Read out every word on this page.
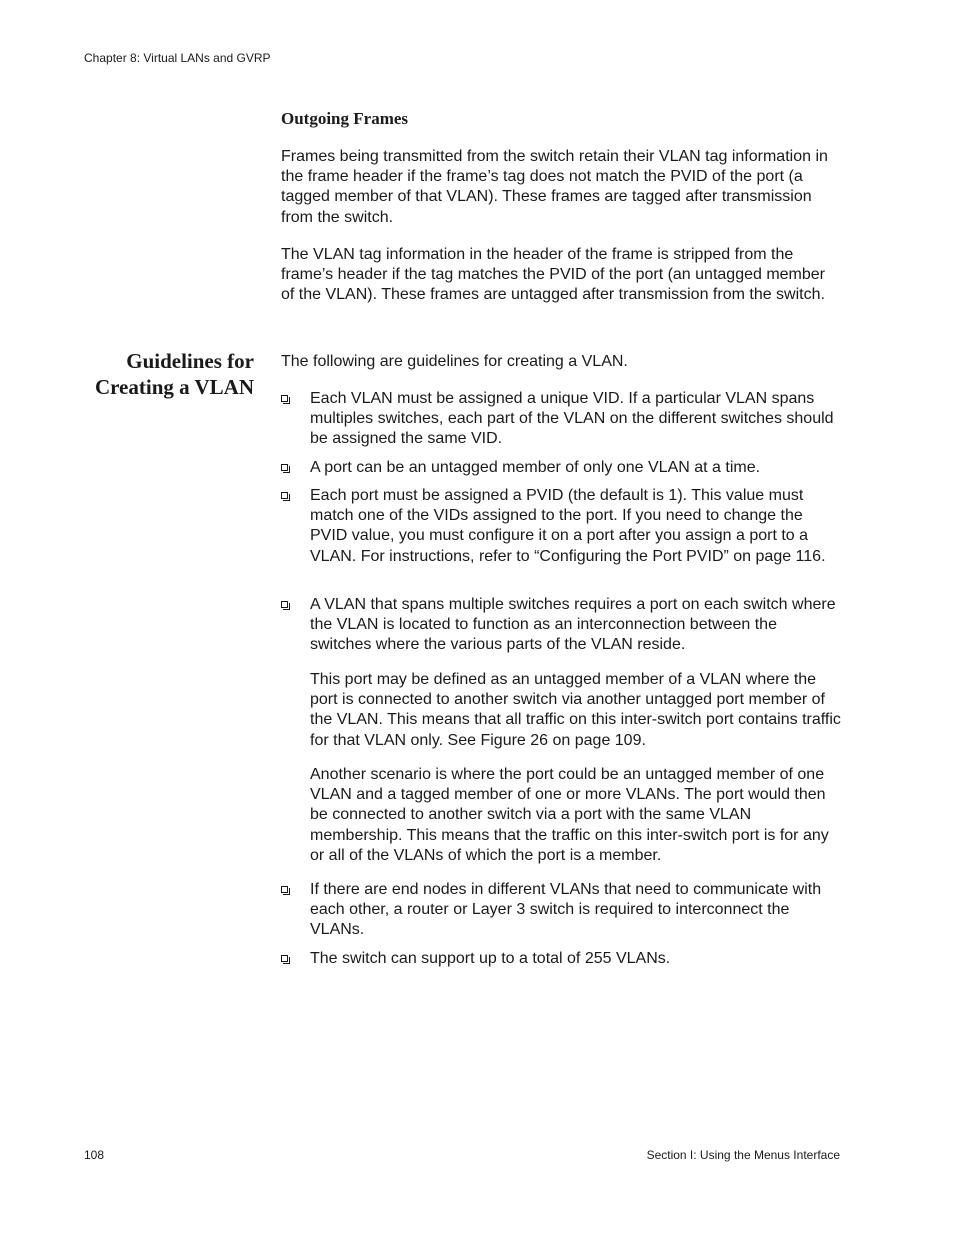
Chapter 8: Virtual LANs and GVRP
Outgoing Frames

Frames being transmitted from the switch retain their VLAN tag information in the frame header if the frame’s tag does not match the PVID of the port (a tagged member of that VLAN). These frames are tagged after transmission from the switch.

The VLAN tag information in the header of the frame is stripped from the frame’s header if the tag matches the PVID of the port (an untagged member of the VLAN). These frames are untagged after transmission from the switch.

Guidelines for
Creating a VLAN

The following are guidelines for creating a VLAN.

Each VLAN must be assigned a unique VID. If a particular VLAN spans multiples switches, each part of the VLAN on the different switches should be assigned the same VID.
A port can be an untagged member of only one VLAN at a time.
Each port must be assigned a PVID (the default is 1). This value must match one of the VIDs assigned to the port. If you need to change the PVID value, you must configure it on a port after you assign a port to a VLAN. For instructions, refer to “Configuring the Port PVID” on page 116.
A VLAN that spans multiple switches requires a port on each switch where the VLAN is located to function as an interconnection between the switches where the various parts of the VLAN reside.

This port may be defined as an untagged member of a VLAN where the port is connected to another switch via another untagged port member of the VLAN. This means that all traffic on this inter-switch port contains traffic for that VLAN only. See Figure 26 on page 109.

Another scenario is where the port could be an untagged member of one VLAN and a tagged member of one or more VLANs. The port would then be connected to another switch via a port with the same VLAN membership. This means that the traffic on this inter-switch port is for any or all of the VLANs of which the port is a member.

If there are end nodes in different VLANs that need to communicate with each other, a router or Layer 3 switch is required to interconnect the VLANs.
The switch can support up to a total of 255 VLANs.
108	Section I: Using the Menus Interface
